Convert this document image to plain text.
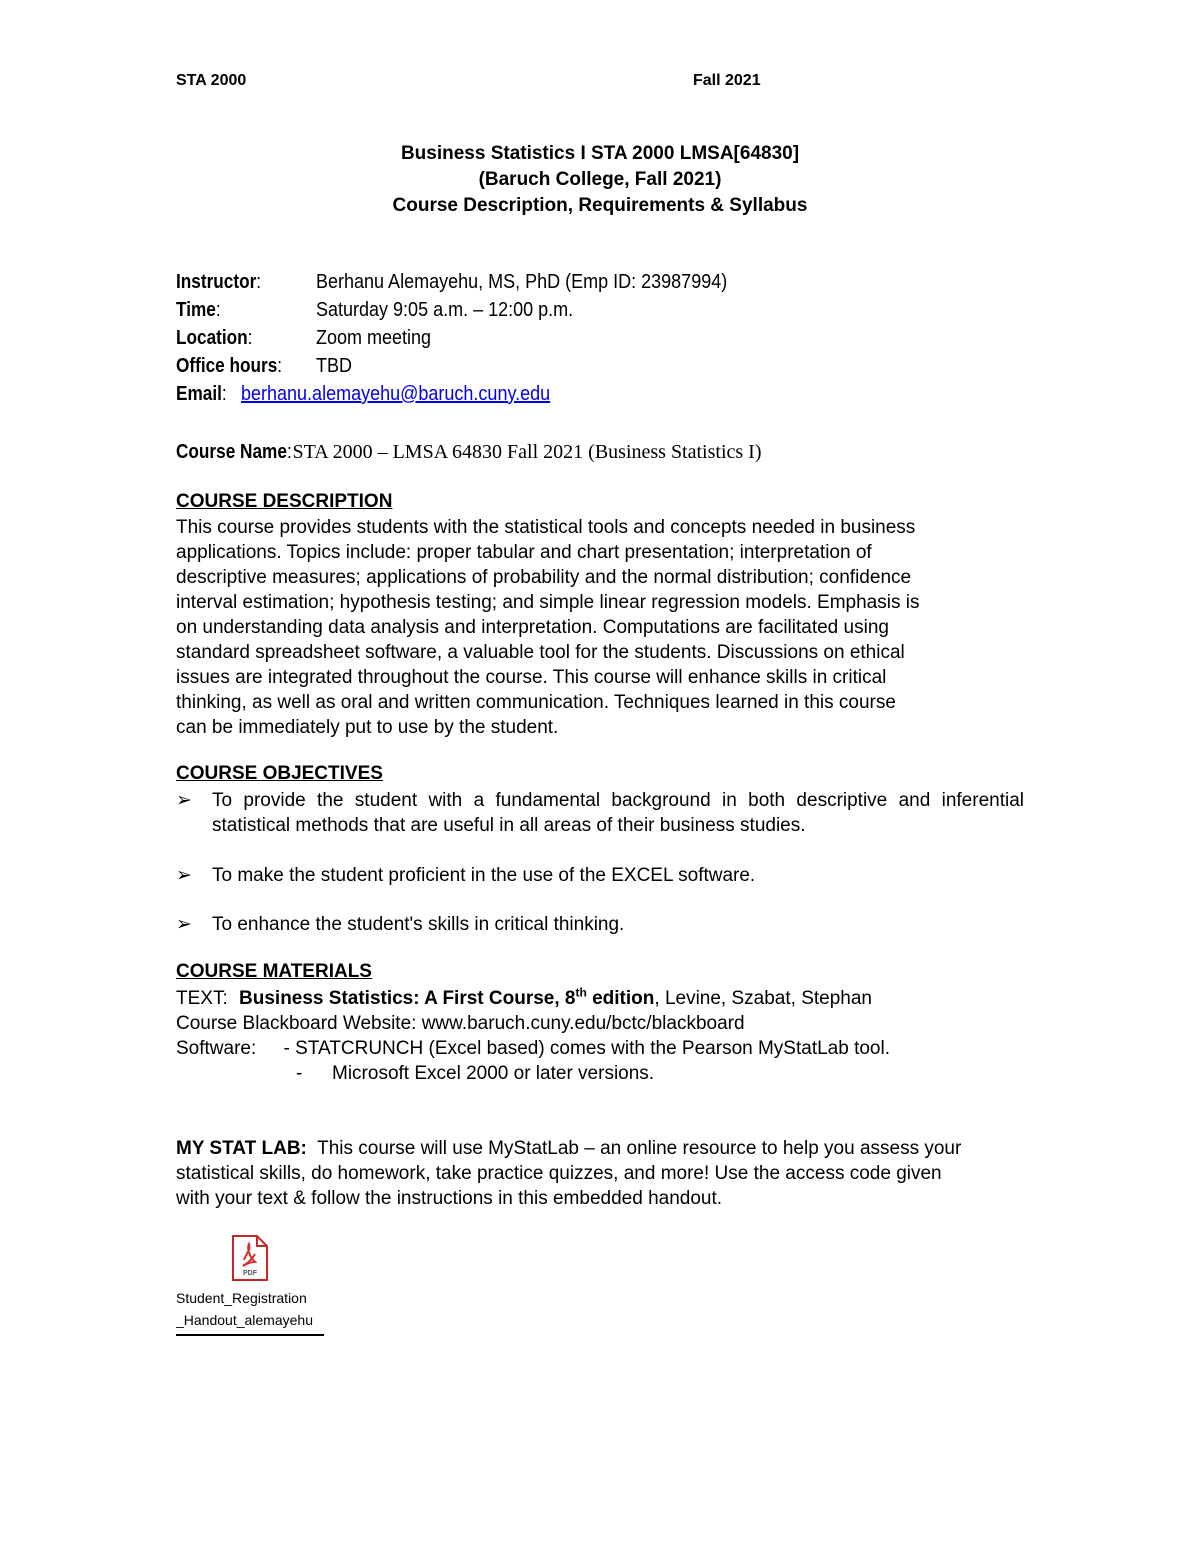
STA 2000	Fall 2021
Business Statistics I STA 2000 LMSA[64830]
(Baruch College, Fall 2021)
Course Description, Requirements & Syllabus
Instructor:	Berhanu Alemayehu, MS, PhD (Emp ID: 23987994)
Time:	Saturday 9:05 a.m. – 12:00 p.m.
Location:	Zoom meeting
Office hours:	TBD
Email: berhanu.alemayehu@baruch.cuny.edu
Course Name:STA 2000 – LMSA 64830 Fall 2021 (Business Statistics I)
COURSE DESCRIPTION
This course provides students with the statistical tools and concepts needed in business
applications. Topics include: proper tabular and chart presentation; interpretation of
descriptive measures; applications of probability and the normal distribution; confidence
interval estimation; hypothesis testing; and simple linear regression models. Emphasis is
on understanding data analysis and interpretation. Computations are facilitated using
standard spreadsheet software, a valuable tool for the students. Discussions on ethical
issues are integrated throughout the course. This course will enhance skills in critical
thinking, as well as oral and written communication. Techniques learned in this course
can be immediately put to use by the student.
COURSE OBJECTIVES
➢ To provide the student with a fundamental background in both descriptive and inferential statistical methods that are useful in all areas of their business studies.
➢ To make the student proficient in the use of the EXCEL software.
➢ To enhance the student's skills in critical thinking.
COURSE MATERIALS
TEXT: Business Statistics: A First Course, 8th edition, Levine, Szabat, Stephan
Course Blackboard Website: www.baruch.cuny.edu/bctc/blackboard
Software: - STATCRUNCH (Excel based) comes with the Pearson MyStatLab tool.
- Microsoft Excel 2000 or later versions.
MY STAT LAB:  This course will use MyStatLab – an online resource to help you assess your
statistical skills, do homework, take practice quizzes, and more! Use the access code given
with your text & follow the instructions in this embedded handout.
PDF
Student_Registration
_Handout_alemayehu
